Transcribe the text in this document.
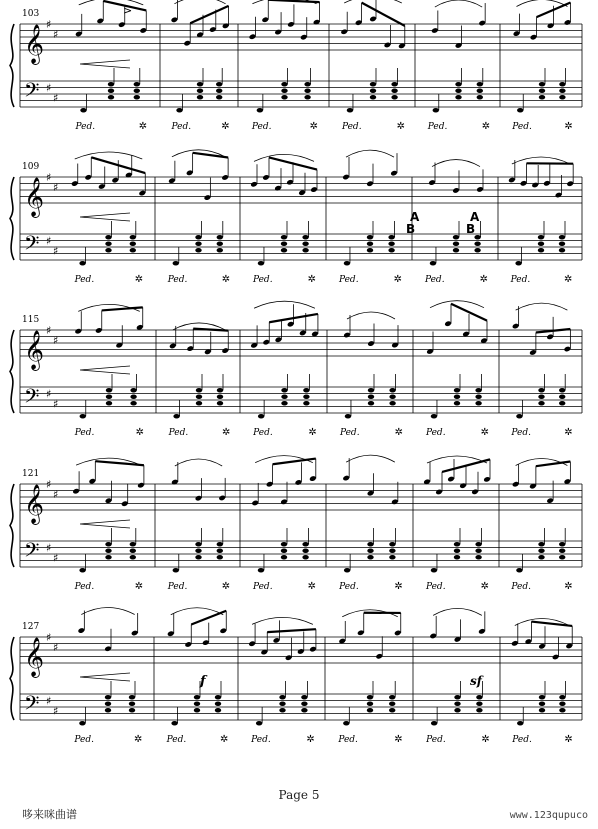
103
𝄞 ♯
♯
𝄢 ♯
♯
Ped.	✲	Ped.	✲ Ped.	✲	Ped.	✲	Ped.	✲ Ped.	✲
109
𝄞 ♯
♯
𝄢 ♯
♯
Ped.	✲	Ped.	✲	Ped.	✲	Ped.	✲	Ped.	✲	Ped.	✲
115
𝄞 ♯
♯
𝄢 ♯
♯
Ped.	✲	Ped.	✲	Ped.	✲	Ped.	✲	Ped.	✲ Ped.	✲
121
𝄞 ♯
♯
𝄢 ♯
♯
Ped.	✲	Ped.	✲	Ped.	✲	Ped.	✲	Ped.	✲ Ped.	✲
127
𝄞 ♯
♯
𝄢 ♯
♯
Ped.	✲	Ped.	✲	Ped.	✲	Ped.	✲	Ped.	✲ Ped.	✲
f	sf
>
A
B
A
B
Page 5
哆来咪曲谱	www.123qupuco
